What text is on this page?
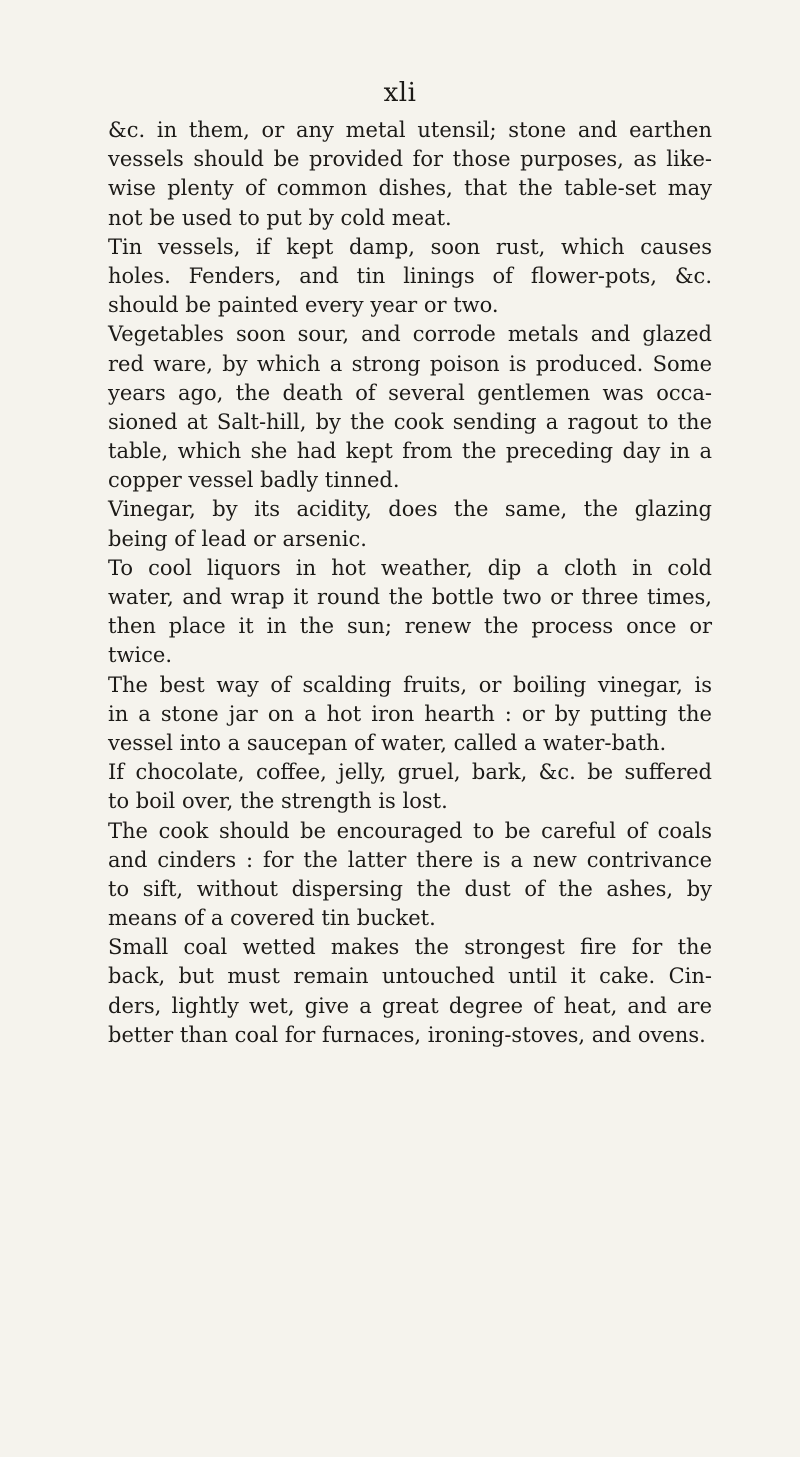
xli
&c. in them, or any metal utensil; stone and earthen
vessels should be provided for those purposes, as like-
wise plenty of common dishes, that the table-set may
not be used to put by cold meat.
Tin vessels, if kept damp, soon rust, which causes
holes. Fenders, and tin linings of flower-pots, &c.
should be painted every year or two.
Vegetables soon sour, and corrode metals and glazed
red ware, by which a strong poison is produced. Some
years ago, the death of several gentlemen was occa-
sioned at Salt-hill, by the cook sending a ragout to the
table, which she had kept from the preceding day in a
copper vessel badly tinned.
Vinegar, by its acidity, does the same, the glazing
being of lead or arsenic.
To cool liquors in hot weather, dip a cloth in cold
water, and wrap it round the bottle two or three times,
then place it in the sun; renew the process once or
twice.
The best way of scalding fruits, or boiling vinegar, is
in a stone jar on a hot iron hearth : or by putting the
vessel into a saucepan of water, called a water-bath.
If chocolate, coffee, jelly, gruel, bark, &c. be suffered
to boil over, the strength is lost.
The cook should be encouraged to be careful of coals
and cinders : for the latter there is a new contrivance
to sift, without dispersing the dust of the ashes, by
means of a covered tin bucket.
Small coal wetted makes the strongest fire for the
back, but must remain untouched until it cake. Cin-
ders, lightly wet, give a great degree of heat, and are
better than coal for furnaces, ironing-stoves, and ovens.
